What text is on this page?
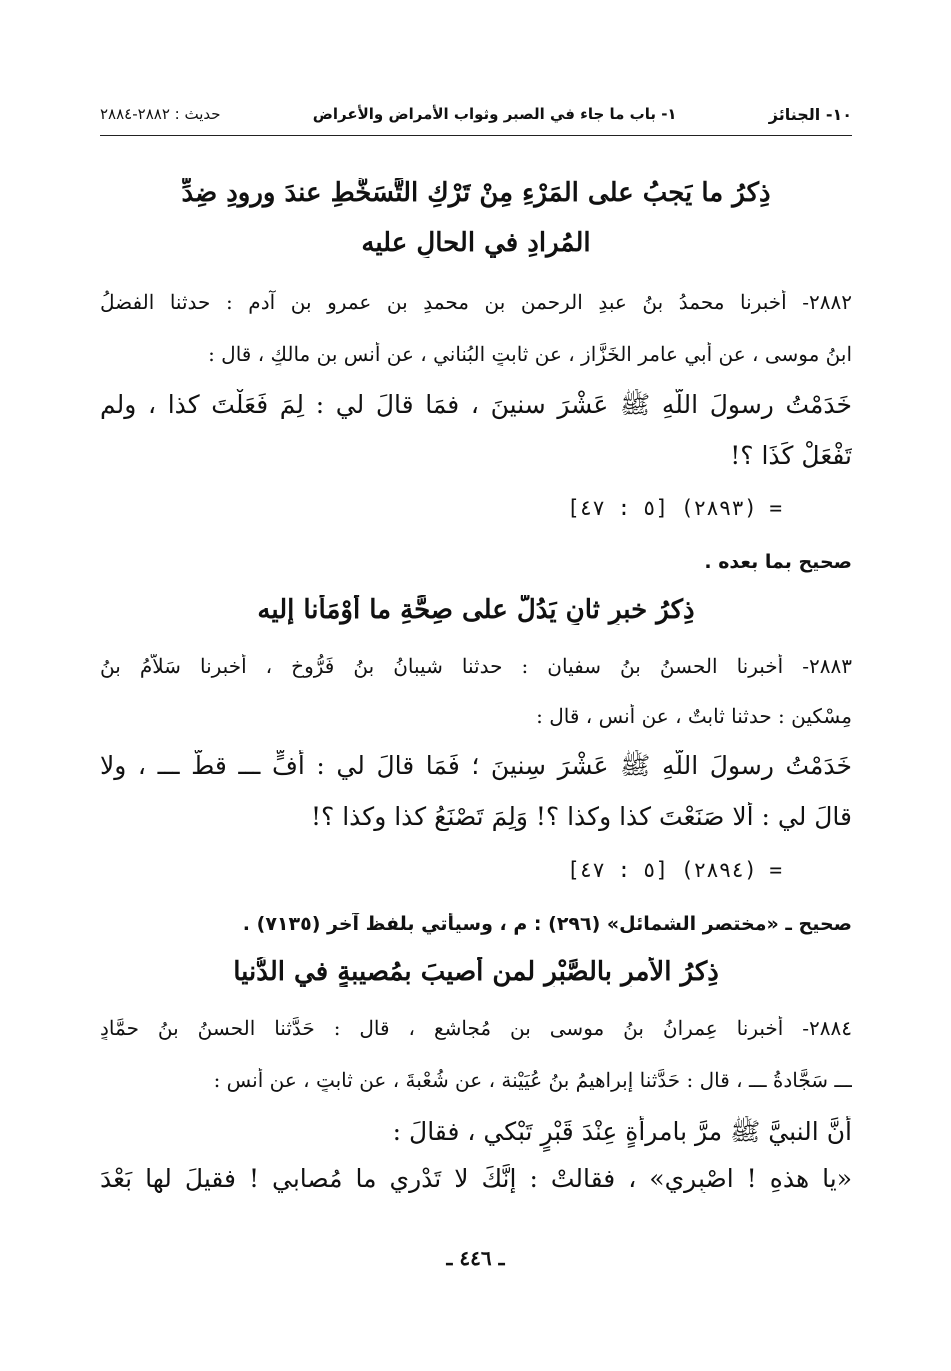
١٠- الجنائز
١- باب ما جاء في الصبر وثواب الأمراض والأعراض
حديث : ٢٨٨٢-٢٨٨٤
ذِكرُ ما يَجبُ على المَرْءِ مِنْ تَرْكِ التَّسَخُّطِ عندَ ورودِ ضِدِّ
المُرادِ في الحالِ عليه
٢٨٨٢- أخبرنا محمدُ بنُ عبدِ الرحمن بن محمدِ بن عمرو بنِ آدم : حدثنا الفضلُ
ابنُ موسى ، عن أبي عامر الخَزَّاز ، عن ثابتٍ البُناني ، عن أنس بنِ مالكٍ ، قال :
خَدَمْتُ رسولَ اللَّهِ ﷺ عَشْرَ سنينَ ، فمَا قالَ لي : لِمَ فَعَلْتَ كذا ، ولم
تَفْعَلْ كَذَا ؟!
= (٢٨٩٣) [٥ : ٤٧]
صحيح بما بعده .
ذِكرُ خبرٍ ثانٍ يَدُلُّ على صِحَّةِ ما أَوْمَأْنا إليه
٢٨٨٣- أخبرنا الحسنُ بنُ سفيان : حدثنا شيبانُ بنُ فَرُّوخ ، أخبرنا سَلاَّمُ بنُ
مِسْكينٍ : حدثنا ثابتٌ ، عن أنس ، قال :
خَدَمْتُ رسولَ اللَّهِ ﷺ عَشْرَ سِنينَ ؛ فَمَا قالَ لي : أُفٍّ ـــ قطُّ ـــ ، ولا
قالَ لي : ألا صَنَعْتَ كذا وكذا ؟! وَلِمَ تَصْنَعُ كذا وكذا ؟!
= (٢٨٩٤) [٥ : ٤٧]
صحيح ـ «مختصر الشمائل» (٢٩٦) : م ، وسيأتي بلفظ آخر (٧١٣٥) .
ذِكرُ الأمرِ بالصَّبْرِ لمن أُصيبَ بمُصيبةٍ في الدُّنيا
٢٨٨٤- أخبرنا عِمرانُ بنُ موسى بنِ مُجاشعٍ ، قال : حَدَّثنا الحسنُ بنُ حمَّادٍ
ـــ سَجَّادةُ ـــ ، قال : حَدَّثنا إبراهيمُ بنُ عُيَيْنة ، عن شُعْبةَ ، عن ثابتٍ ، عن أنسٍ :
أنَّ النبيَّ ﷺ مرَّ بامرأةٍ عِنْدَ قَبْرٍ تَبْكي ، فقالَ :
«يا هذهِ ! اصْبِري» ، فقالتْ : إنَّكَ لا تَدْري ما مُصابي ! فقيلَ لها بَعْدَ
ـ ٤٤٦ ـ
